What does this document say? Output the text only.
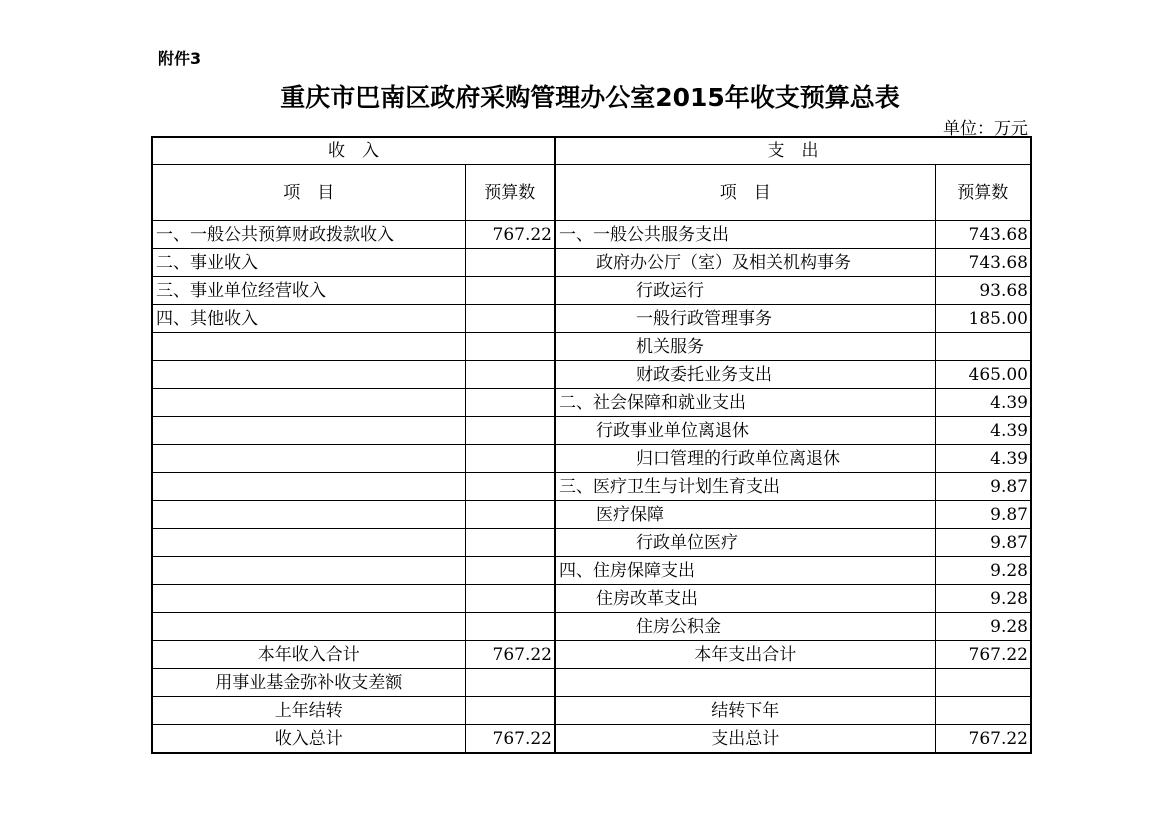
附件3
重庆市巴南区政府采购管理办公室2015年收支预算总表
单位：万元
收　入		支　出	
项　目	预算数	项　目	预算数
一、一般公共预算财政拨款收入	767.22	一、一般公共服务支出	743.68
二、事业收入		政府办公厅（室）及相关机构事务	743.68
三、事业单位经营收入		行政运行	93.68
四、其他收入		一般行政管理事务	185.00
		机关服务	
		财政委托业务支出	465.00
		二、社会保障和就业支出	4.39
		行政事业单位离退休	4.39
		归口管理的行政单位离退休	4.39
		三、医疗卫生与计划生育支出	9.87
		医疗保障	9.87
		行政单位医疗	9.87
		四、住房保障支出	9.28
		住房改革支出	9.28
		住房公积金	9.28
本年收入合计	767.22	本年支出合计	767.22
用事业基金弥补收支差额			
上年结转		结转下年	
收入总计	767.22	支出总计	767.22
